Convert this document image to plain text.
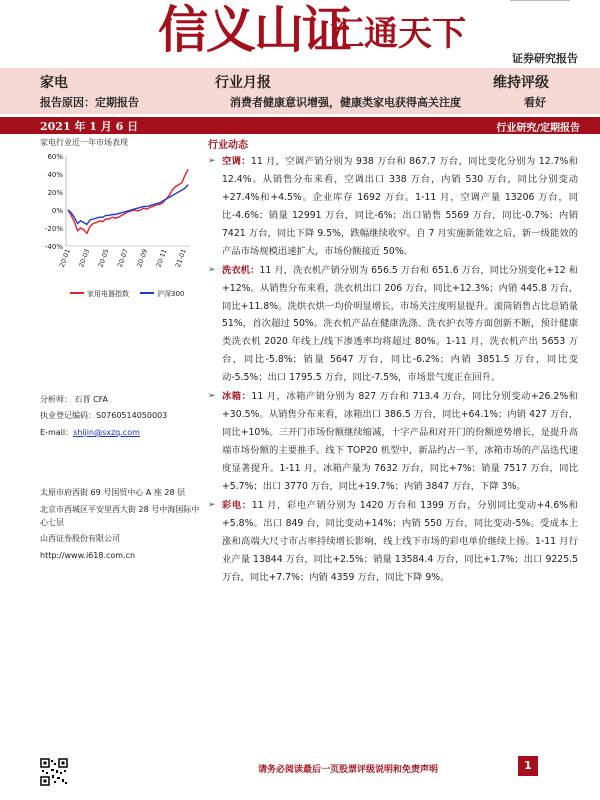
信义山证
汇通天下
证券研究报告
家电	行业月报	维持评级
报告原因：定期报告	消费者健康意识增强，健康类家电获得高关注度	看好
2021 年 1 月 6 日	行业研究/定期报告
家电行业近一年市场表现
60%
40%
20%
0%
-20%
-40%
20-01 20-03 20-05 20-07 20-09 20-11 21-01
家用电器指数	沪深300
分析师： 石晋 CFA
执业登记编码：S0760514050003
E-mail：shijin@sxzq.com
太原市府西街 69 号国贸中心 A 座 28 层
北京市西城区平安里西大街 28 号中海国际中心七层
山西证券股份有限公司
http://www.i618.com.cn
行业动态
➢ 空调：11 月，空调产销分别为 938 万台和 867.7 万台，同比变化分别为 12.7%和 12.4%。从销售分布来看，空调出口 338 万台，内销 530 万台，同比分别变动+27.4%和+4.5%。企业库存 1692 万台。1-11 月，空调产量 13206 万台，同比-4.6%；销量 12991 万台，同比-6%；出口销售 5569 万台，同比-0.7%；内销 7421 万台，同比下降 9.5%，跌幅继续收窄。自 7 月实施新能效之后，新一级能效的产品市场规模迅速扩大，市场份额接近 50%。
➢ 洗衣机：11 月，洗衣机产销分别为 656.5 万台和 651.6 万台，同比分别变化+12 和+12%。从销售分布来看，洗衣机出口 206 万台，同比+12.3%；内销 445.8 万台，同比+11.8%。洗烘衣烘一均价明显增长，市场关注度明显提升。滚筒销售占比总销量 51%，首次超过 50%。洗衣机产品在健康洗涤、洗衣护衣等方面创新不断，预计健康类洗衣机 2020 年线上/线下渗透率均将超过 80%。1-11 月，洗衣机产出 5653 万台，同比-5.8%；销量 5647 万台，同比-6.2%；内销 3851.5 万台，同比变动-5.5%；出口 1795.5 万台，同比-7.5%，市场景气度正在回升。
➢ 冰箱：11 月，冰箱产销分别为 827 万台和 713.4 万台，同比分别变动+26.2%和+30.5%。从销售分布来看，冰箱出口 386.5 万台，同比+64.1%；内销 427 万台，同比+10%。三开门市场份额继续缩减，十字产品和对开门的份额逆势增长，是提升高端市场份额的主要推手。线下 TOP20 机型中，新品约占一半，冰箱市场的产品迭代速度显著提升。1-11 月，冰箱产量为 7632 万台，同比+7%；销量 7517 万台，同比+5.7%；出口 3770 万台，同比+19.7%；内销 3847 万台，下降 3%。
➢ 彩电：11 月，彩电产销分别为 1420 万台和 1399 万台，分别同比变动+4.6%和+5.8%。出口 849 台，同比变动+14%；内销 550 万台，同比变动-5%。受成本上涨和高端大尺寸市占率持续增长影响，线上线下市场的彩电单价继续上扬。1-11 月行业产量 13844 万台，同比+2.5%；销量 13584.4 万台，同比+1.7%；出口 9225.5 万台，同比+7.7%；内销 4359 万台，同比下降 9%。
请务必阅读最后一页股票评级说明和免责声明	1
